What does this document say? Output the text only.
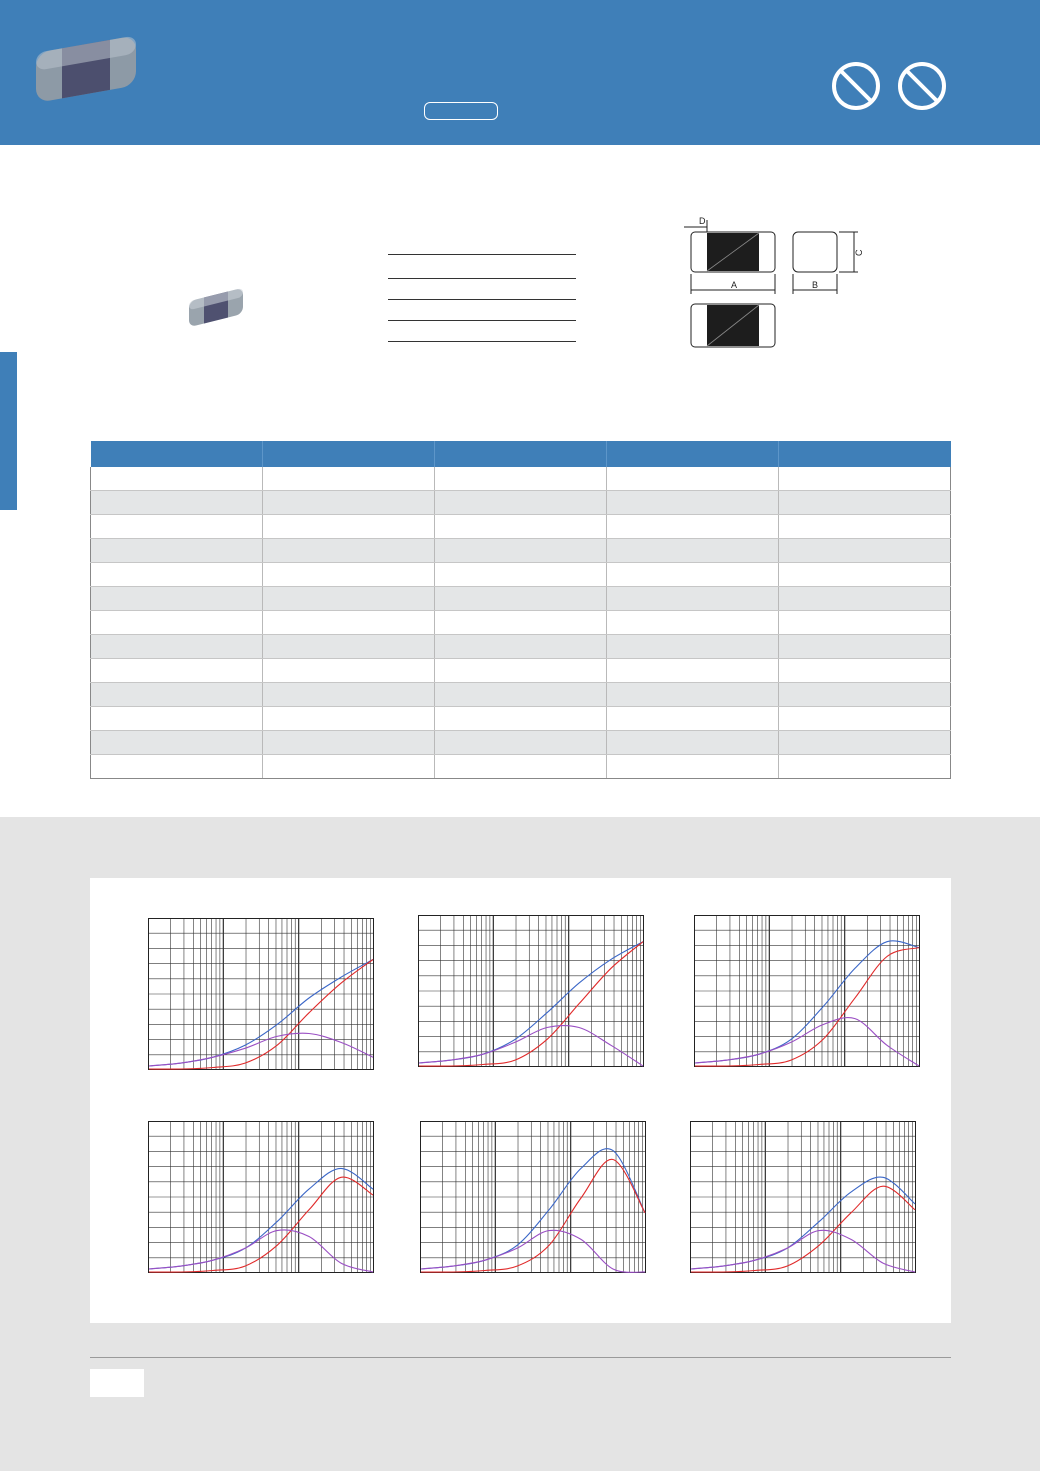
D
A	B
C
